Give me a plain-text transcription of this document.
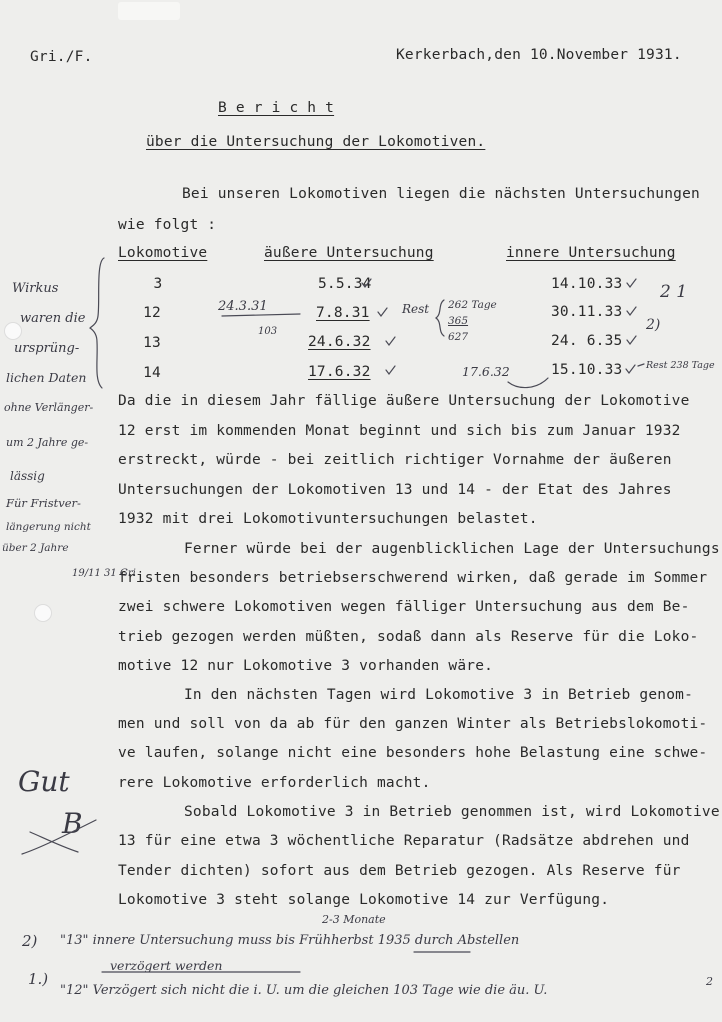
Gri./F.	Kerkerbach,den 10.November 1931.
B e r i c h t
über die Untersuchung der Lokomotiven.
Bei unseren Lokomotiven liegen die nächsten Untersuchungen
wie folgt :
Lokomotive	äußere Untersuchung	innere Untersuchung
3	5.5.34	14.10.33
12	7.8.31	30.11.33
13	24.6.32	24. 6.35
14	17.6.32	15.10.33
Da die in diesem Jahr fällige äußere Untersuchung der Lokomotive
12 erst im kommenden Monat beginnt und sich bis zum Januar 1932
erstreckt, würde - bei zeitlich richtiger Vornahme der äußeren
Untersuchungen der Lokomotiven 13 und 14 - der Etat des Jahres
1932 mit drei Lokomotivuntersuchungen belastet.
Ferner würde bei der augenblicklichen Lage der Untersuchungs
fristen besonders betriebserschwerend wirken, daß gerade im Sommer
zwei schwere Lokomotiven wegen fälliger Untersuchung aus dem Be-
trieb gezogen werden müßten, sodaß dann als Reserve für die Loko-
motive 12 nur Lokomotive 3 vorhanden wäre.
In den nächsten Tagen wird Lokomotive 3 in Betrieb genom-
men und soll von da ab für den ganzen Winter als Betriebslokomoti-
ve laufen, solange nicht eine besonders hohe Belastung eine schwe-
rere Lokomotive erforderlich macht.
Sobald Lokomotive 3 in Betrieb genommen ist, wird Lokomotive
13 für eine etwa 3 wöchentliche Reparatur (Radsätze abdrehen und
Tender dichten) sofort aus dem Betrieb gezogen. Als Reserve für
Lokomotive 3 steht solange Lokomotive 14 zur Verfügung.
Wirkus
waren die
ursprüng-
lichen Daten
ohne Verlänger-
um 2 Jahre ge-
lässig
Für Fristver-
längerung nicht
über 2 Jahre
19/11 31 Gri
24.3.31
103
Rest 262 Tage
365
627
17.6.32	Rest 238 Tage
2 1
2)
Gut
B
2)
2-3 Monate
"13" innere Untersuchung muss bis Frühherbst 1935 durch Abstellen
verzögert werden
1.)
"12" Verzögert sich nicht die i. U. um die gleichen 103 Tage wie die äu. U.
2
